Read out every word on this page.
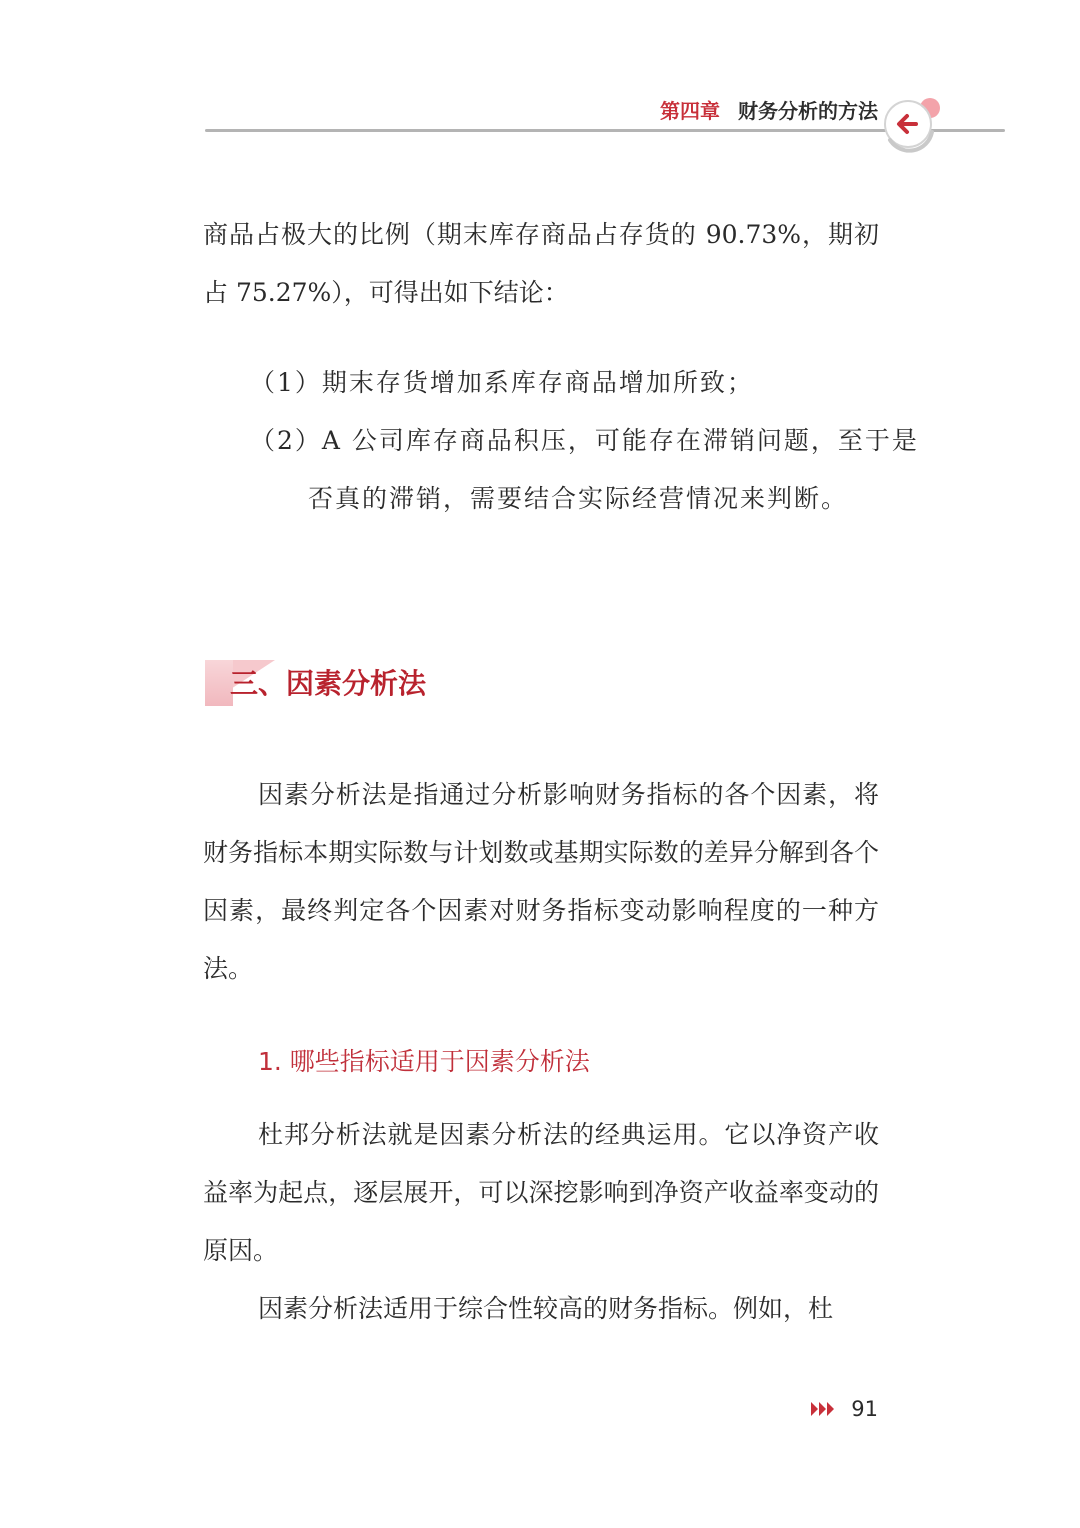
第四章 财务分析的方法

商品占极大的比例（期末库存商品占存货的 90.73%，期初占 75.27%），可得出如下结论：

（1）期末存货增加系库存商品增加所致；

（2）A 公司库存商品积压，可能存在滞销问题，至于是否真的滞销，需要结合实际经营情况来判断。

三、因素分析法

因素分析法是指通过分析影响财务指标的各个因素，将财务指标本期实际数与计划数或基期实际数的差异分解到各个因素，最终判定各个因素对财务指标变动影响程度的一种方法。

1. 哪些指标适用于因素分析法

杜邦分析法就是因素分析法的经典运用。它以净资产收益率为起点，逐层展开，可以深挖影响到净资产收益率变动的原因。

因素分析法适用于综合性较高的财务指标。例如，杜

91
